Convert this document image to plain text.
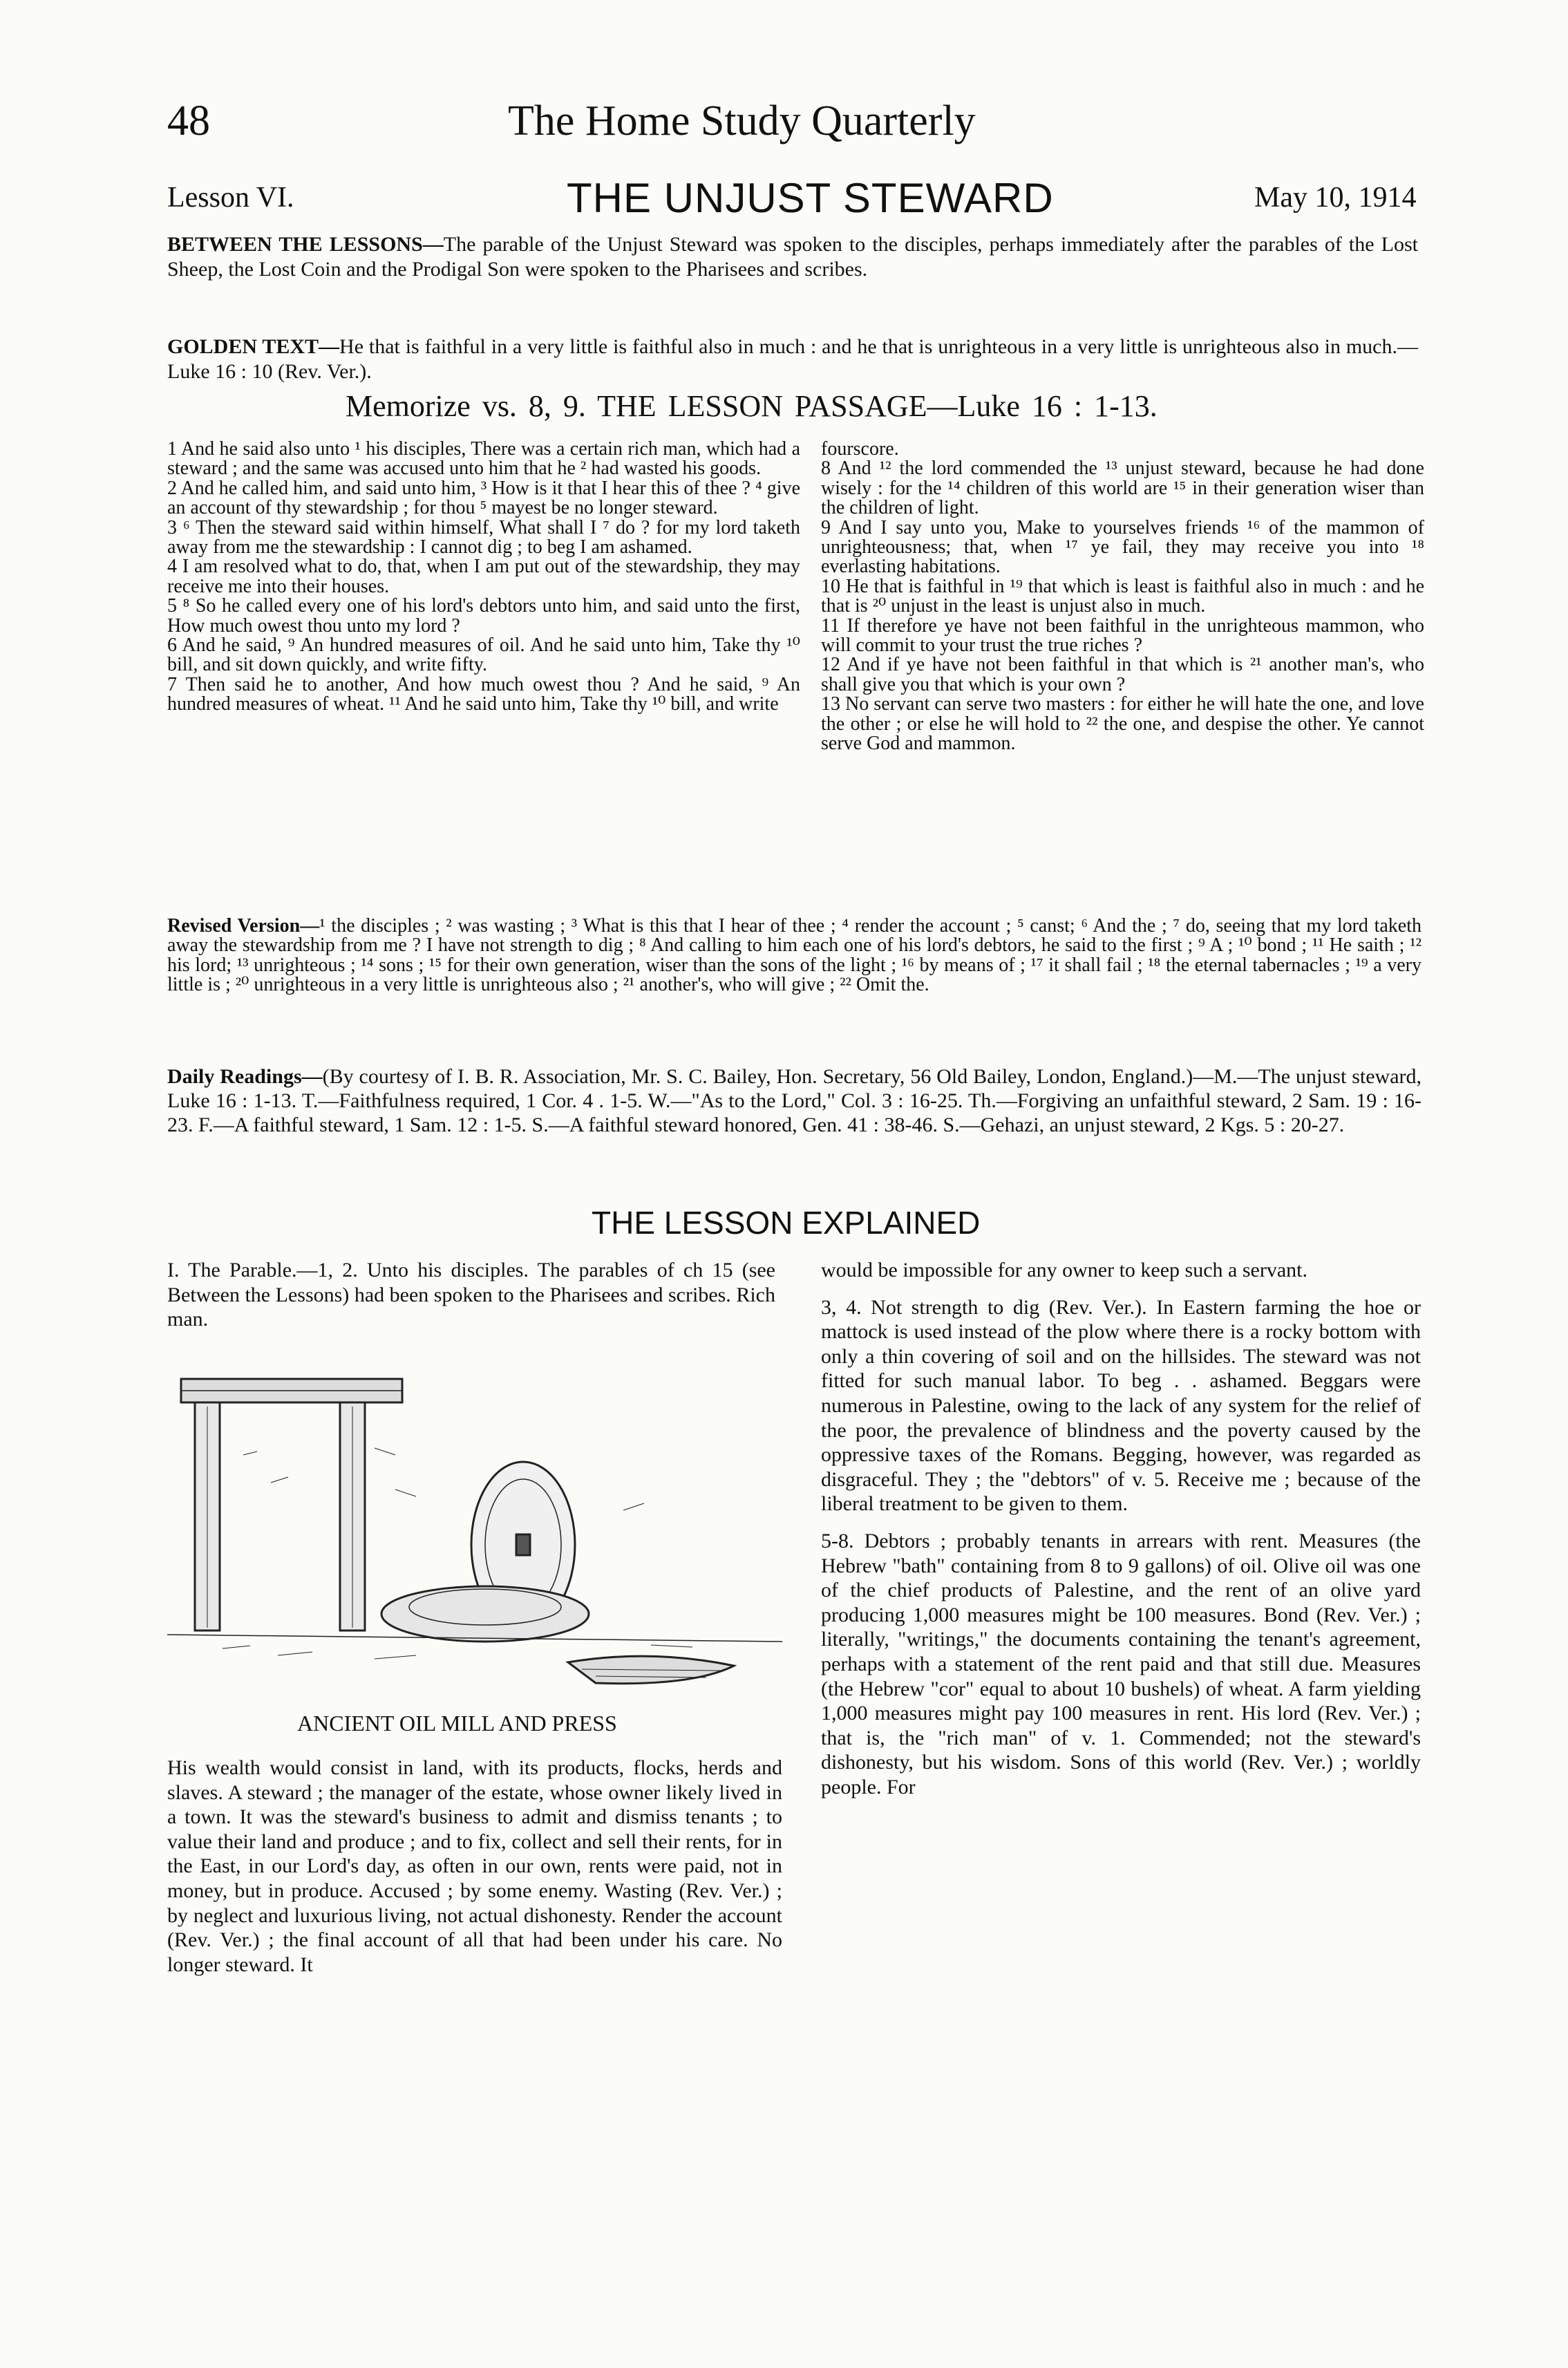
48	The Home Study Quarterly
Lesson VI.	THE UNJUST STEWARD	May 10, 1914
BETWEEN THE LESSONS—The parable of the Unjust Steward was spoken to the disciples, perhaps immediately after the parables of the Lost Sheep, the Lost Coin and the Prodigal Son were spoken to the Pharisees and scribes.
GOLDEN TEXT—He that is faithful in a very little is faithful also in much : and he that is unrighteous in a very little is unrighteous also in much.—Luke 16 : 10 (Rev. Ver.).
Memorize vs. 8, 9. THE LESSON PASSAGE—Luke 16 : 1-13.

1 And he said also unto ¹ his disciples, There was a certain rich man, which had a steward ; and the same was accused unto him that he ² had wasted his goods.

2 And he called him, and said unto him, ³ How is it that I hear this of thee ? ⁴ give an account of thy stewardship ; for thou ⁵ mayest be no longer steward.

3 ⁶ Then the steward said within himself, What shall I ⁷ do ? for my lord taketh away from me the stewardship : I cannot dig ; to beg I am ashamed.

4 I am resolved what to do, that, when I am put out of the stewardship, they may receive me into their houses.

5 ⁸ So he called every one of his lord's debtors unto him, and said unto the first, How much owest thou unto my lord ?

6 And he said, ⁹ An hundred measures of oil. And he said unto him, Take thy ¹⁰ bill, and sit down quickly, and write fifty.

7 Then said he to another, And how much owest thou ? And he said, ⁹ An hundred measures of wheat. ¹¹ And he said unto him, Take thy ¹⁰ bill, and write

fourscore.

8 And ¹² the lord commended the ¹³ unjust steward, because he had done wisely : for the ¹⁴ children of this world are ¹⁵ in their generation wiser than the children of light.

9 And I say unto you, Make to yourselves friends ¹⁶ of the mammon of unrighteousness; that, when ¹⁷ ye fail, they may receive you into ¹⁸ everlasting habitations.

10 He that is faithful in ¹⁹ that which is least is faithful also in much : and he that is ²⁰ unjust in the least is unjust also in much.

11 If therefore ye have not been faithful in the unrighteous mammon, who will commit to your trust the true riches ?

12 And if ye have not been faithful in that which is ²¹ another man's, who shall give you that which is your own ?

13 No servant can serve two masters : for either he will hate the one, and love the other ; or else he will hold to ²² the one, and despise the other. Ye cannot serve God and mammon.

Revised Version—¹ the disciples ; ² was wasting ; ³ What is this that I hear of thee ; ⁴ render the account ; ⁵ canst; ⁶ And the ; ⁷ do, seeing that my lord taketh away the stewardship from me ? I have not strength to dig ; ⁸ And calling to him each one of his lord's debtors, he said to the first ; ⁹ A ; ¹⁰ bond ; ¹¹ He saith ; ¹² his lord; ¹³ unrighteous ; ¹⁴ sons ; ¹⁵ for their own generation, wiser than the sons of the light ; ¹⁶ by means of ; ¹⁷ it shall fail ; ¹⁸ the eternal tabernacles ; ¹⁹ a very little is ; ²⁰ unrighteous in a very little is unrighteous also ; ²¹ another's, who will give ; ²² Omit the.
Daily Readings—(By courtesy of I. B. R. Association, Mr. S. C. Bailey, Hon. Secretary, 56 Old Bailey, London, England.)—M.—The unjust steward, Luke 16 : 1-13. T.—Faithfulness required, 1 Cor. 4 . 1-5. W.—"As to the Lord," Col. 3 : 16-25. Th.—Forgiving an unfaithful steward, 2 Sam. 19 : 16-23. F.—A faithful steward, 1 Sam. 12 : 1-5. S.—A faithful steward honored, Gen. 41 : 38-46. S.—Gehazi, an unjust steward, 2 Kgs. 5 : 20-27.
THE LESSON EXPLAINED

I. The Parable.—1, 2. Unto his disciples. The parables of ch 15 (see Between the Lessons) had been spoken to the Pharisees and scribes. Rich man.

ANCIENT OIL MILL AND PRESS

His wealth would consist in land, with its products, flocks, herds and slaves. A steward ; the manager of the estate, whose owner likely lived in a town. It was the steward's business to admit and dismiss tenants ; to value their land and produce ; and to fix, collect and sell their rents, for in the East, in our Lord's day, as often in our own, rents were paid, not in money, but in produce. Accused ; by some enemy. Wasting (Rev. Ver.) ; by neglect and luxurious living, not actual dishonesty. Render the account (Rev. Ver.) ; the final account of all that had been under his care. No longer steward. It

would be impossible for any owner to keep such a servant.

3, 4. Not strength to dig (Rev. Ver.). In Eastern farming the hoe or mattock is used instead of the plow where there is a rocky bottom with only a thin covering of soil and on the hillsides. The steward was not fitted for such manual labor. To beg . . ashamed. Beggars were numerous in Palestine, owing to the lack of any system for the relief of the poor, the prevalence of blindness and the poverty caused by the oppressive taxes of the Romans. Begging, however, was regarded as disgraceful. They ; the "debtors" of v. 5. Receive me ; because of the liberal treatment to be given to them.

5-8. Debtors ; probably tenants in arrears with rent. Measures (the Hebrew "bath" containing from 8 to 9 gallons) of oil. Olive oil was one of the chief products of Palestine, and the rent of an olive yard producing 1,000 measures might be 100 measures. Bond (Rev. Ver.) ; literally, "writings," the documents containing the tenant's agreement, perhaps with a statement of the rent paid and that still due. Measures (the Hebrew "cor" equal to about 10 bushels) of wheat. A farm yielding 1,000 measures might pay 100 measures in rent. His lord (Rev. Ver.) ; that is, the "rich man" of v. 1. Commended; not the steward's dishonesty, but his wisdom. Sons of this world (Rev. Ver.) ; worldly people. For
